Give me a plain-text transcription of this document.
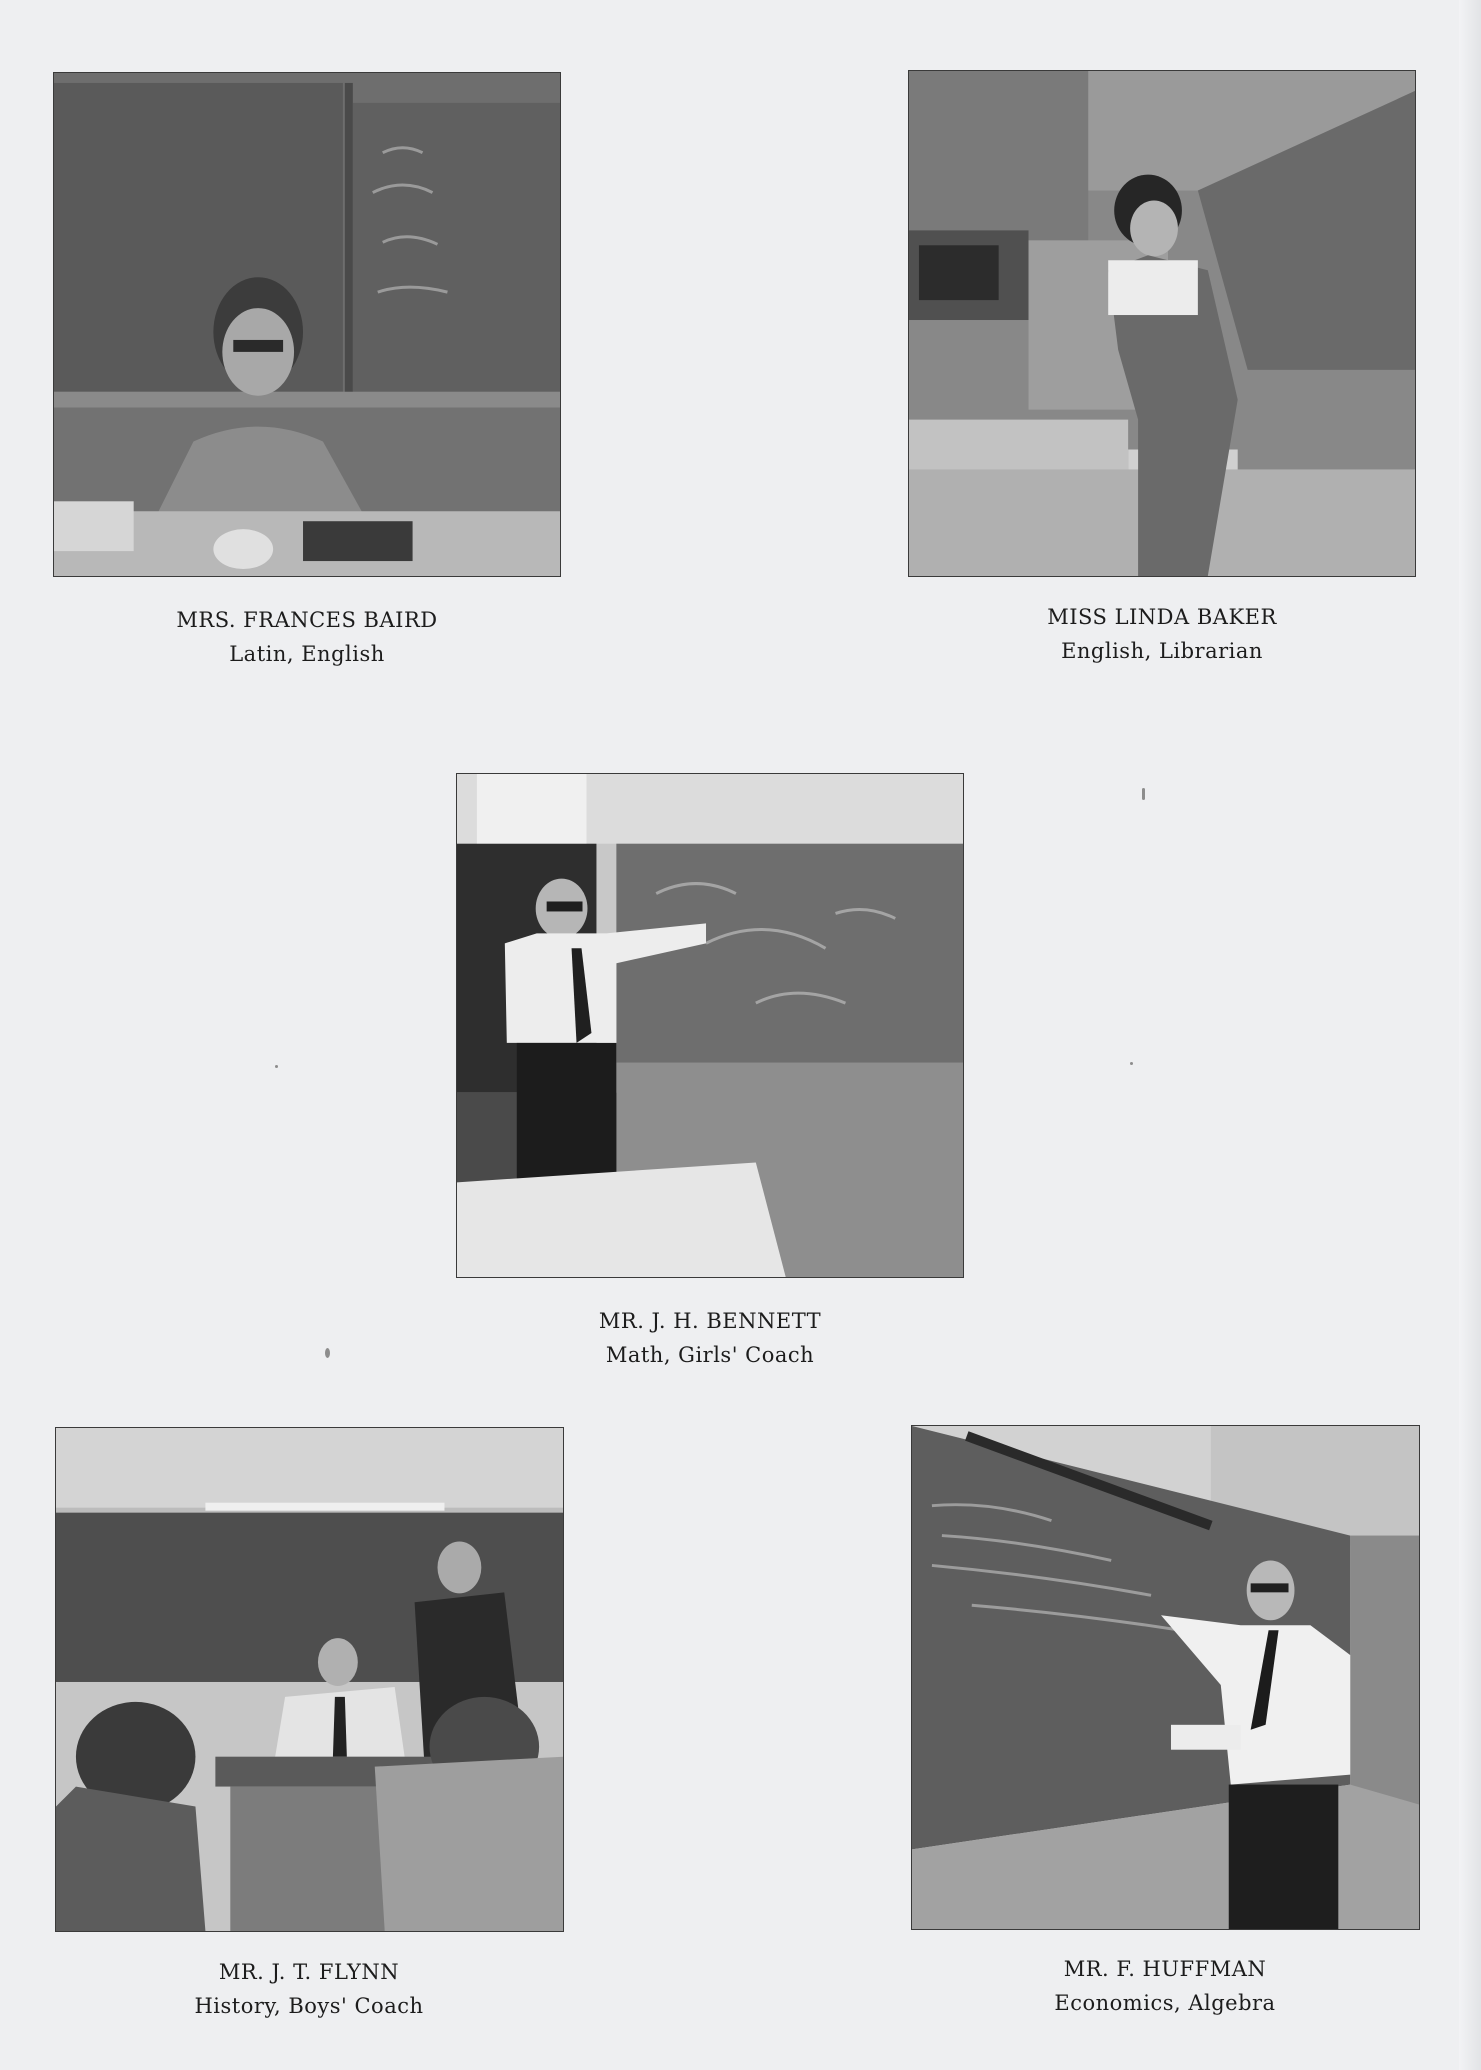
MRS. FRANCES BAIRD
Latin, English
MISS LINDA BAKER
English, Librarian
MR. J. H. BENNETT
Math, Girls' Coach
MR. J. T. FLYNN
History, Boys' Coach
MR. F. HUFFMAN
Economics, Algebra
